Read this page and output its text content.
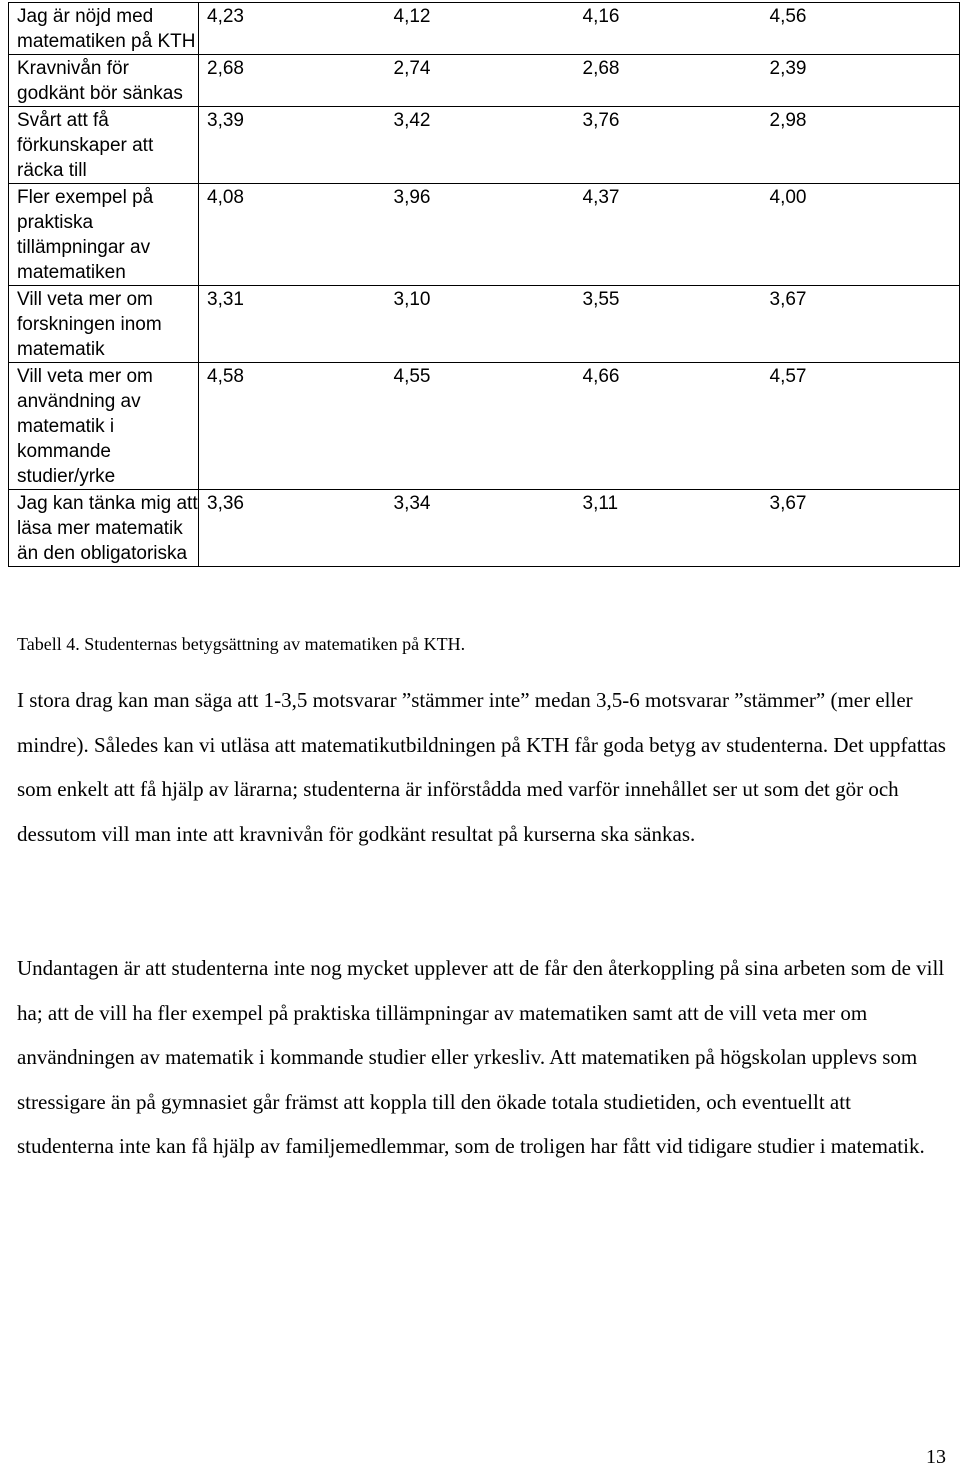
Jag är nöjd med matematiken på KTH	4,23	4,12	4,16	4,56
Kravnivån för godkänt bör sänkas	2,68	2,74	2,68	2,39
Svårt att få förkunskaper att räcka till	3,39	3,42	3,76	2,98
Fler exempel på praktiska tillämpningar av matematiken	4,08	3,96	4,37	4,00
Vill veta mer om forskningen inom matematik	3,31	3,10	3,55	3,67
Vill veta mer om användning av matematik i kommande studier/yrke	4,58	4,55	4,66	4,57
Jag kan tänka mig att läsa mer matematik än den obligatoriska	3,36	3,34	3,11	3,67

Tabell 4. Studenternas betygsättning av matematiken på KTH.

I stora drag kan man säga att 1-3,5 motsvarar ”stämmer inte” medan 3,5-6 motsvarar ”stämmer” (mer eller mindre). Således kan vi utläsa att matematikutbildningen på KTH får goda betyg av studenterna. Det uppfattas som enkelt att få hjälp av lärarna; studenterna är införstådda med varför innehållet ser ut som det gör och dessutom vill man inte att kravnivån för godkänt resultat på kurserna ska sänkas.

Undantagen är att studenterna inte nog mycket upplever att de får den återkoppling på sina arbeten som de vill ha; att de vill ha fler exempel på praktiska tillämpningar av matematiken samt att de vill veta mer om användningen av matematik i kommande studier eller yrkesliv. Att matematiken på högskolan upplevs som stressigare än på gymnasiet går främst att koppla till den ökade totala studietiden, och eventuellt att studenterna inte kan få hjälp av familjemedlemmar, som de troligen har fått vid tidigare studier i matematik.

13
